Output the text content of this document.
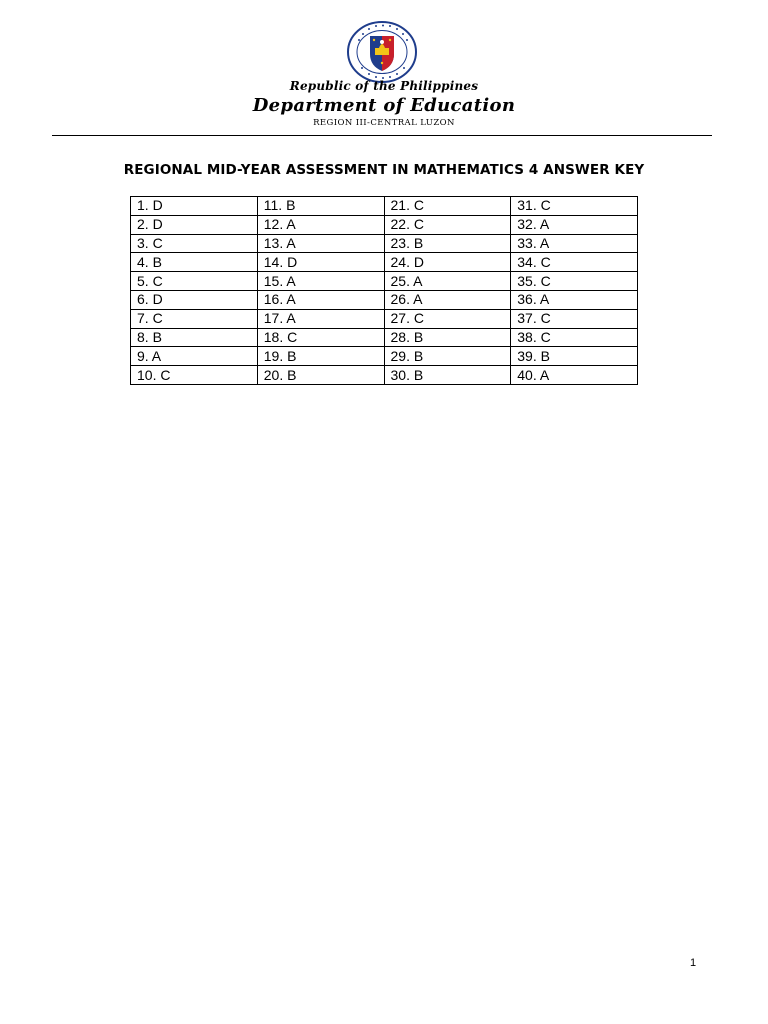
Republic of the Philippines
Department of Education
REGION III-CENTRAL LUZON
REGIONAL MID-YEAR ASSESSMENT IN MATHEMATICS 4 ANSWER KEY
1. D	11. B	21. C	31. C
2. D	12. A	22. C	32. A
3. C	13. A	23. B	33. A
4. B	14. D	24. D	34. C
5. C	15. A	25. A	35. C
6. D	16. A	26. A	36. A
7. C	17. A	27. C	37. C
8. B	18. C	28. B	38. C
9. A	19. B	29. B	39. B
10. C	20. B	30. B	40. A
1
